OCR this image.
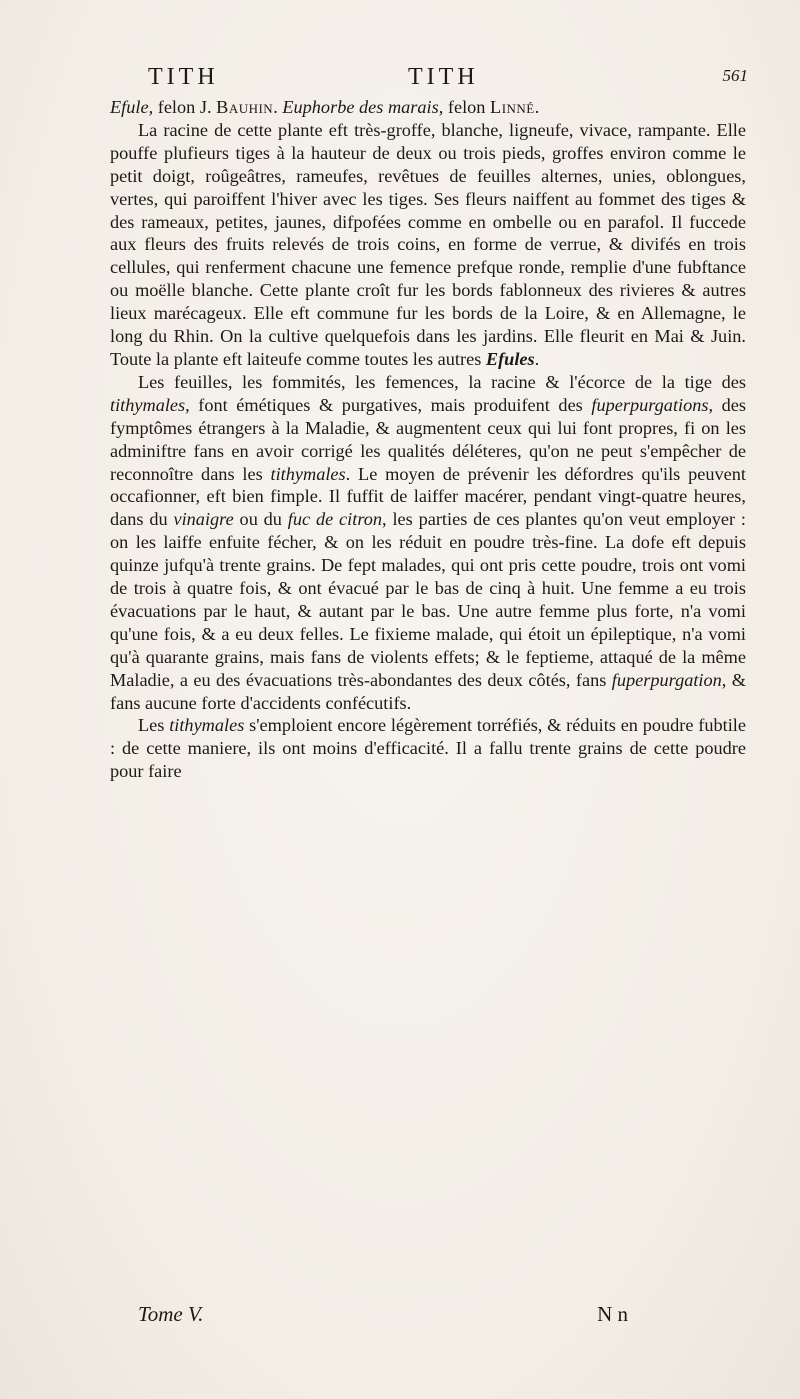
TITH	TITH	561

Efule, felon J. Bauhin. Euphorbe des marais, felon Linné.

La racine de cette plante eft très-groffe, blanche, ligneufe, vivace, rampante. Elle pouffe plufieurs tiges à la hauteur de deux ou trois pieds, groffes environ comme le petit doigt, roûgeâtres, rameufes, revêtues de feuilles alternes, unies, oblongues, vertes, qui paroiffent l'hiver avec les tiges. Ses fleurs naiffent au fommet des tiges & des rameaux, petites, jaunes, difpofées comme en ombelle ou en parafol. Il fuccede aux fleurs des fruits relevés de trois coins, en forme de verrue, & divifés en trois cellules, qui renferment chacune une femence prefque ronde, remplie d'une fubftance ou moëlle blanche. Cette plante croît fur les bords fablonneux des rivieres & autres lieux marécageux. Elle eft commune fur les bords de la Loire, & en Allemagne, le long du Rhin. On la cultive quelquefois dans les jardins. Elle fleurit en Mai & Juin. Toute la plante eft laiteufe comme toutes les autres Efules.

Les feuilles, les fommités, les femences, la racine & l'écorce de la tige des tithymales, font émétiques & purgatives, mais produifent des fuperpurgations, des fymptômes étrangers à la Maladie, & augmentent ceux qui lui font propres, fi on les adminiftre fans en avoir corrigé les qualités déléteres, qu'on ne peut s'empêcher de reconnoître dans les tithymales. Le moyen de prévenir les défordres qu'ils peuvent occafionner, eft bien fimple. Il fuffit de laiffer macérer, pendant vingt-quatre heures, dans du vinaigre ou du fuc de citron, les parties de ces plantes qu'on veut employer : on les laiffe enfuite fécher, & on les réduit en poudre très-fine. La dofe eft depuis quinze jufqu'à trente grains. De fept malades, qui ont pris cette poudre, trois ont vomi de trois à quatre fois, & ont évacué par le bas de cinq à huit. Une femme a eu trois évacuations par le haut, & autant par le bas. Une autre femme plus forte, n'a vomi qu'une fois, & a eu deux felles. Le fixieme malade, qui étoit un épileptique, n'a vomi qu'à quarante grains, mais fans de violents effets; & le feptieme, attaqué de la même Maladie, a eu des évacuations très-abondantes des deux côtés, fans fuperpurgation, & fans aucune forte d'accidents confécutifs.

Les tithymales s'emploient encore légèrement torréfiés, & réduits en poudre fubtile : de cette maniere, ils ont moins d'efficacité. Il a fallu trente grains de cette poudre pour faire

Tome V.	N n
